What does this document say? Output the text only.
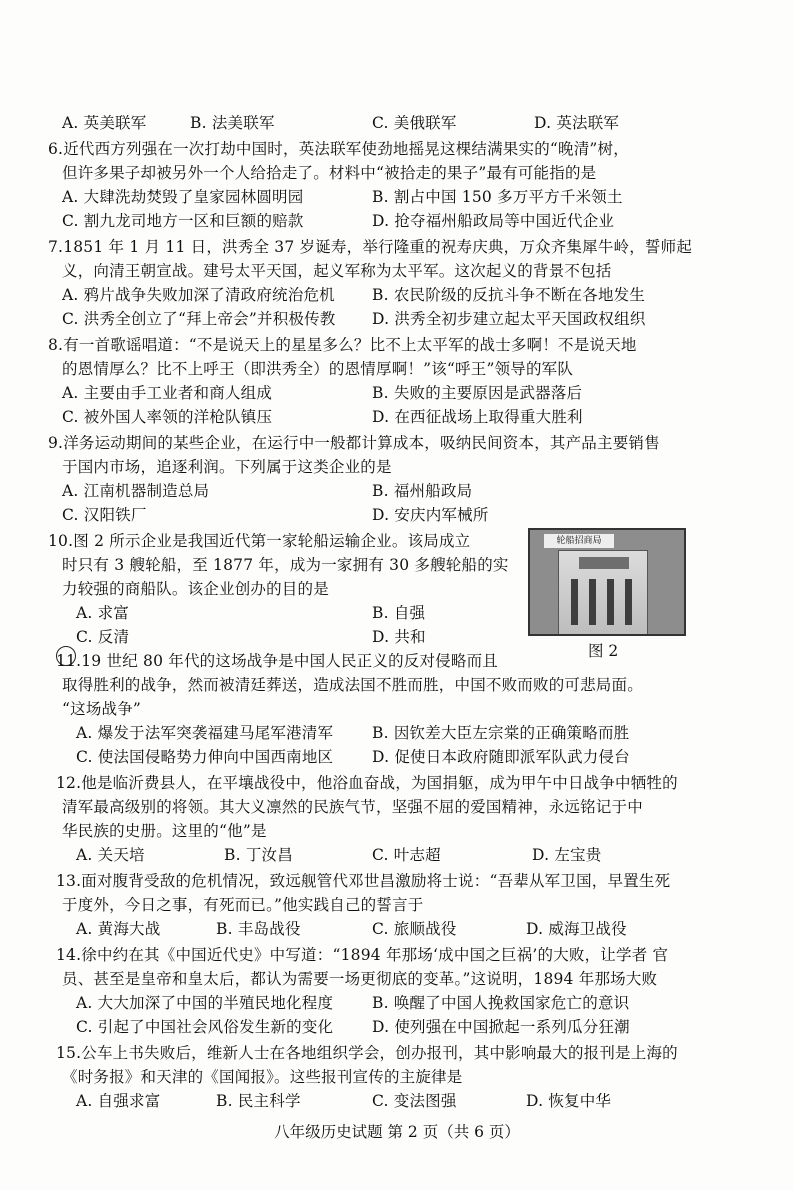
A. 英美联军	B. 法美联军	C. 美俄联军	D. 英法联军
6.近代西方列强在一次打劫中国时，英法联军使劲地摇晃这棵结满果实的“晚清”树，
但许多果子却被另外一个人给拾走了。材料中“被拾走的果子”最有可能指的是
A. 大肆洗劫焚毁了皇家园林圆明园	B. 割占中国 150 多万平方千米领土
C. 割九龙司地方一区和巨额的赔款	D. 抢夺福州船政局等中国近代企业
7.1851 年 1 月 11 日，洪秀全 37 岁诞寿，举行隆重的祝寿庆典，万众齐集犀牛岭，誓师起
义，向清王朝宣战。建号太平天国，起义军称为太平军。这次起义的背景不包括
A. 鸦片战争失败加深了清政府统治危机 B. 农民阶级的反抗斗争不断在各地发生
C. 洪秀全创立了“拜上帝会”并积极传教 D. 洪秀全初步建立起太平天国政权组织
8.有一首歌谣唱道：“不是说天上的星星多么？比不上太平军的战士多啊！不是说天地
的恩情厚么？比不上呼王（即洪秀全）的恩情厚啊！”该“呼王”领导的军队
A. 主要由手工业者和商人组成	B. 失败的主要原因是武器落后
C. 被外国人率领的洋枪队镇压	D. 在西征战场上取得重大胜利
9.洋务运动期间的某些企业，在运行中一般都计算成本，吸纳民间资本，其产品主要销售
于国内市场，追逐利润。下列属于这类企业的是
A. 江南机器制造总局	B. 福州船政局
C. 汉阳铁厂	D. 安庆内军械所
10.图 2 所示企业是我国近代第一家轮船运输企业。该局成立
时只有 3 艘轮船，至 1877 年，成为一家拥有 30 多艘轮船的实
力较强的商船队。该企业创办的目的是
A. 求富	B. 自强
C. 反清	D. 共和
轮船招商局
图 2
11.19 世纪 80 年代的这场战争是中国人民正义的反对侵略而且
取得胜利的战争，然而被清廷葬送，造成法国不胜而胜，中国不败而败的可悲局面。
“这场战争”
A. 爆发于法军突袭福建马尾军港清军	B. 因钦差大臣左宗棠的正确策略而胜
C. 使法国侵略势力伸向中国西南地区 D. 促使日本政府随即派军队武力侵台
12.他是临沂费县人，在平壤战役中，他浴血奋战，为国捐躯，成为甲午中日战争中牺牲的
清军最高级别的将领。其大义凛然的民族气节，坚强不屈的爱国精神，永远铭记于中
华民族的史册。这里的“他”是
A. 关天培	B. 丁汝昌	C. 叶志超	D. 左宝贵
13.面对腹背受敌的危机情况，致远舰管代邓世昌激励将士说：“吾辈从军卫国，早置生死
于度外，今日之事，有死而已。”他实践自己的誓言于
A. 黄海大战	B. 丰岛战役	C. 旅顺战役	D. 威海卫战役
14.徐中约在其《中国近代史》中写道：“1894 年那场‘成中国之巨祸’的大败，让学者 官
员、甚至是皇帝和皇太后，都认为需要一场更彻底的变革。”这说明，1894 年那场大败
A. 大大加深了中国的半殖民地化程度	B. 唤醒了中国人挽救国家危亡的意识
C. 引起了中国社会风俗发生新的变化 D. 使列强在中国掀起一系列瓜分狂潮
15.公车上书失败后，维新人士在各地组织学会，创办报刊，其中影响最大的报刊是上海的
《时务报》和天津的《国闻报》。这些报刊宣传的主旋律是
A. 自强求富	B. 民主科学	C. 变法图强	D. 恢复中华
八年级历史试题 第 2 页（共 6 页）
